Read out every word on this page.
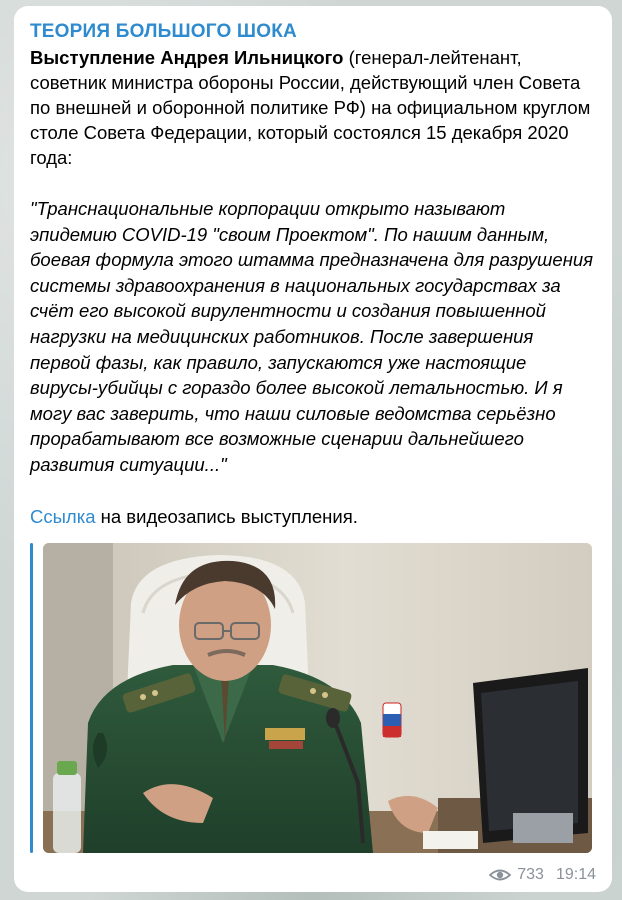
ТЕОРИЯ БОЛЬШОГО ШОКА

Выступление Андрея Ильницкого (генерал-лейтенант, советник министра обороны России, действующий член Совета по внешней и оборонной политике РФ) на официальном круглом столе Совета Федерации, который состоялся 15 декабря 2020 года:

"Транснациональные корпорации открыто называют эпидемию COVID-19 "своим Проектом". По нашим данным, боевая формула этого штамма предназначена для разрушения системы здравоохранения в национальных государствах за счёт его высокой вирулентности и создания повышенной нагрузки на медицинских работников. После завершения первой фазы, как правило, запускаются уже настоящие вирусы-убийцы с гораздо более высокой летальностью. И я могу вас заверить, что наши силовые ведомства серьёзно прорабатывают все возможные сценарии дальнейшего развития ситуации..."

Ссылка на видеозапись выступления.

733 19:14
